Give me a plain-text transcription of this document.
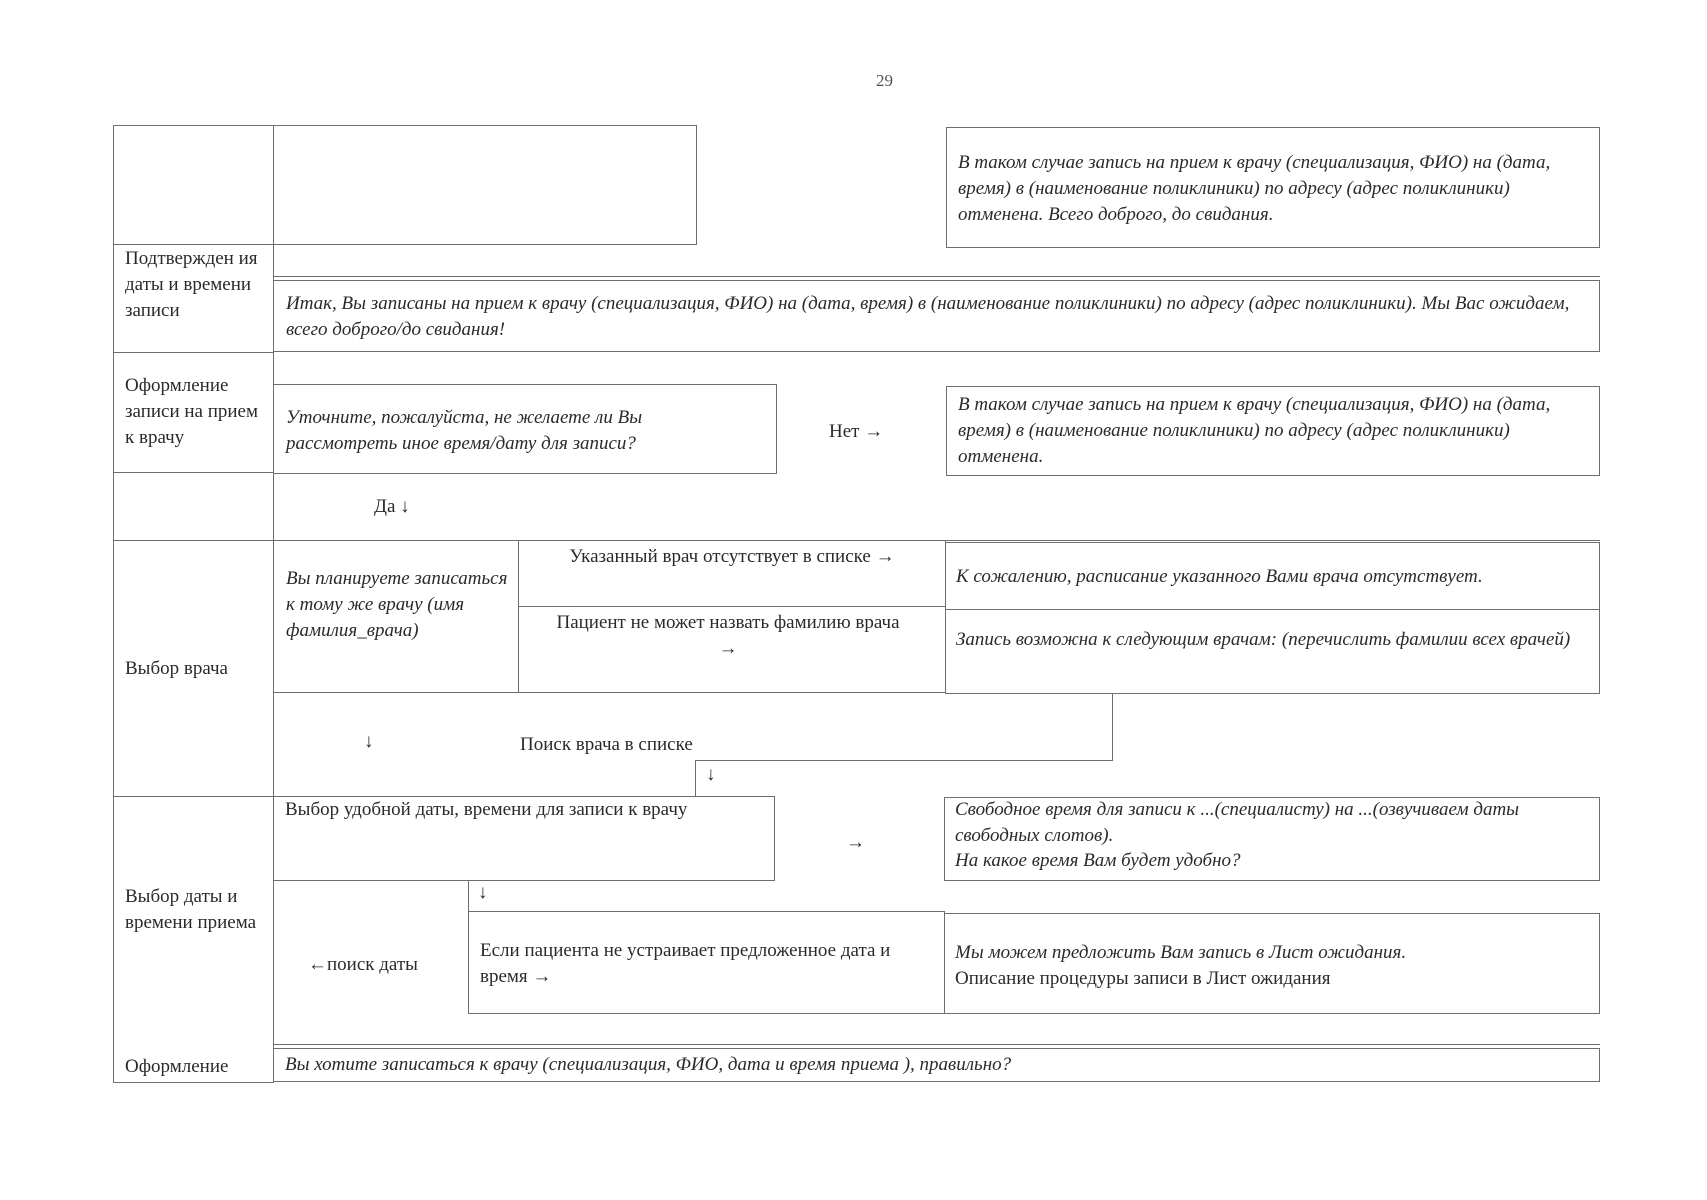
29
Подтвержден ия даты и времени записи
Оформление записи на прием к врачу
Выбор врача
Выбор даты и времени приема
Оформление
В таком случае запись на прием к врачу (специализация, ФИО) на (дата, время) в (наименование поликлиники) по адресу (адрес поликлиники) отменена. Всего доброго, до свидания.
Итак, Вы записаны на прием к врачу (специализация, ФИО) на (дата, время) в (наименование поликлиники) по адресу (адрес поликлиники). Мы Вас ожидаем, всего доброго/до свидания!
Уточните, пожалуйста, не желаете ли Вы рассмотреть иное время/дату для записи?
Нет →
В таком случае запись на прием к врачу (специализация, ФИО) на (дата, время) в (наименование поликлиники) по адресу (адрес поликлиники) отменена.
Да ↓
Вы планируете записаться к тому же врачу (имя фамилия_врача)
Указанный врач отсутствует в списке →
К сожалению, расписание указанного Вами врача отсутствует.
Пациент не может назвать фамилию врача →	Запись возможна к следующим врачам: (перечислить фамилии всех врачей)
↓	Поиск врача в списке
↓
Выбор удобной даты, времени для записи к врачу
→
Свободное время для записи к ...(специалисту) на ...(озвучиваем даты свободных слотов).
На какое время Вам будет удобно?
↓
←поиск даты
Если пациента не устраивает предложенное дата и время →
Мы можем предложить Вам запись в Лист ожидания.
Описание процедуры записи в Лист ожидания
Вы хотите записаться к врачу (специализация, ФИО, дата и время приема ), правильно?
